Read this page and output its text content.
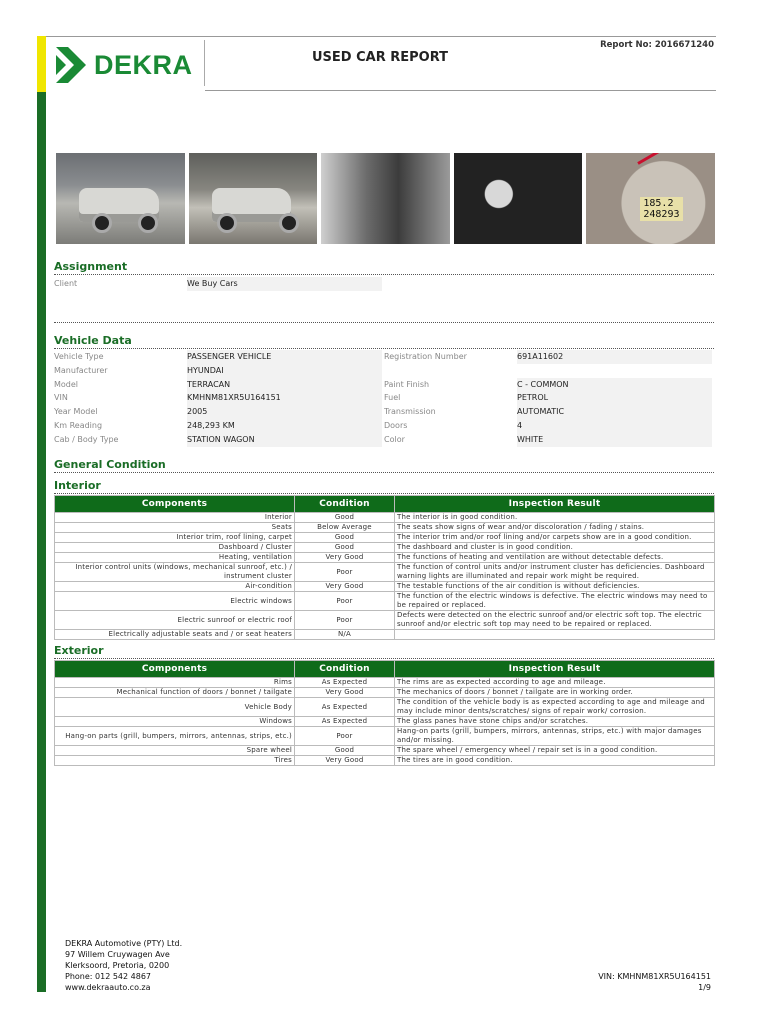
DEKRA	USED CAR REPORT
Report No: 2016671240
185.2
248293
Assignment
Client	We Buy Cars
Vehicle Data
Vehicle Type	PASSENGER VEHICLE	Registration Number	691A11602
Manufacturer	HYUNDAI
Model	TERRACAN	Paint Finish	C - COMMON
VIN	KMHNM81XR5U164151	Fuel	PETROL
Year Model	2005	Transmission	AUTOMATIC
Km Reading	248,293 KM	Doors	4
Cab / Body Type	STATION WAGON	Color	WHITE
General Condition
Interior
Components	Condition	Inspection Result
Interior	Good	The interior is in good condition.
Seats	Below Average	The seats show signs of wear and/or discoloration / fading / stains.
Interior trim, roof lining, carpet	Good	The interior trim and/or roof lining and/or carpets show are in a good condition.
Dashboard / Cluster	Good	The dashboard and cluster is in good condition.
Heating, ventilation	Very Good	The functions of heating and ventilation are without detectable defects.
Interior control units (windows, mechanical sunroof, etc.) / instrument cluster	Poor	The function of control units and/or instrument cluster has deficiencies. Dashboard warning lights are illuminated and repair work might be required.
Air-condition	Very Good	The testable functions of the air condition is without deficiencies.
Electric windows	Poor	The function of the electric windows is defective. The electric windows may need to be repaired or replaced.
Electric sunroof or electric roof	Poor	Defects were detected on the electric sunroof and/or electric soft top. The electric sunroof and/or electric soft top may need to be repaired or replaced.
Electrically adjustable seats and / or seat heaters	N/A	
Exterior
Components	Condition	Inspection Result
Rims	As Expected	The rims are as expected according to age and mileage.
Mechanical function of doors / bonnet / tailgate	Very Good	The mechanics of doors / bonnet / tailgate are in working order.
Vehicle Body	As Expected	The condition of the vehicle body is as expected according to age and mileage and may include minor dents/scratches/ signs of repair work/ corrosion.
Windows	As Expected	The glass panes have stone chips and/or scratches.
Hang-on parts (grill, bumpers, mirrors, antennas, strips, etc.)	Poor	Hang-on parts (grill, bumpers, mirrors, antennas, strips, etc.) with major damages and/or missing.
Spare wheel	Good	The spare wheel / emergency wheel / repair set is in a good condition.
Tires	Very Good	The tires are in good condition.
DEKRA Automotive (PTY) Ltd.
97 Willem Cruywagen Ave
Klerksoord, Pretoria, 0200
Phone: 012 542 4867
www.dekraauto.co.za
VIN: KMHNM81XR5U164151
1/9
